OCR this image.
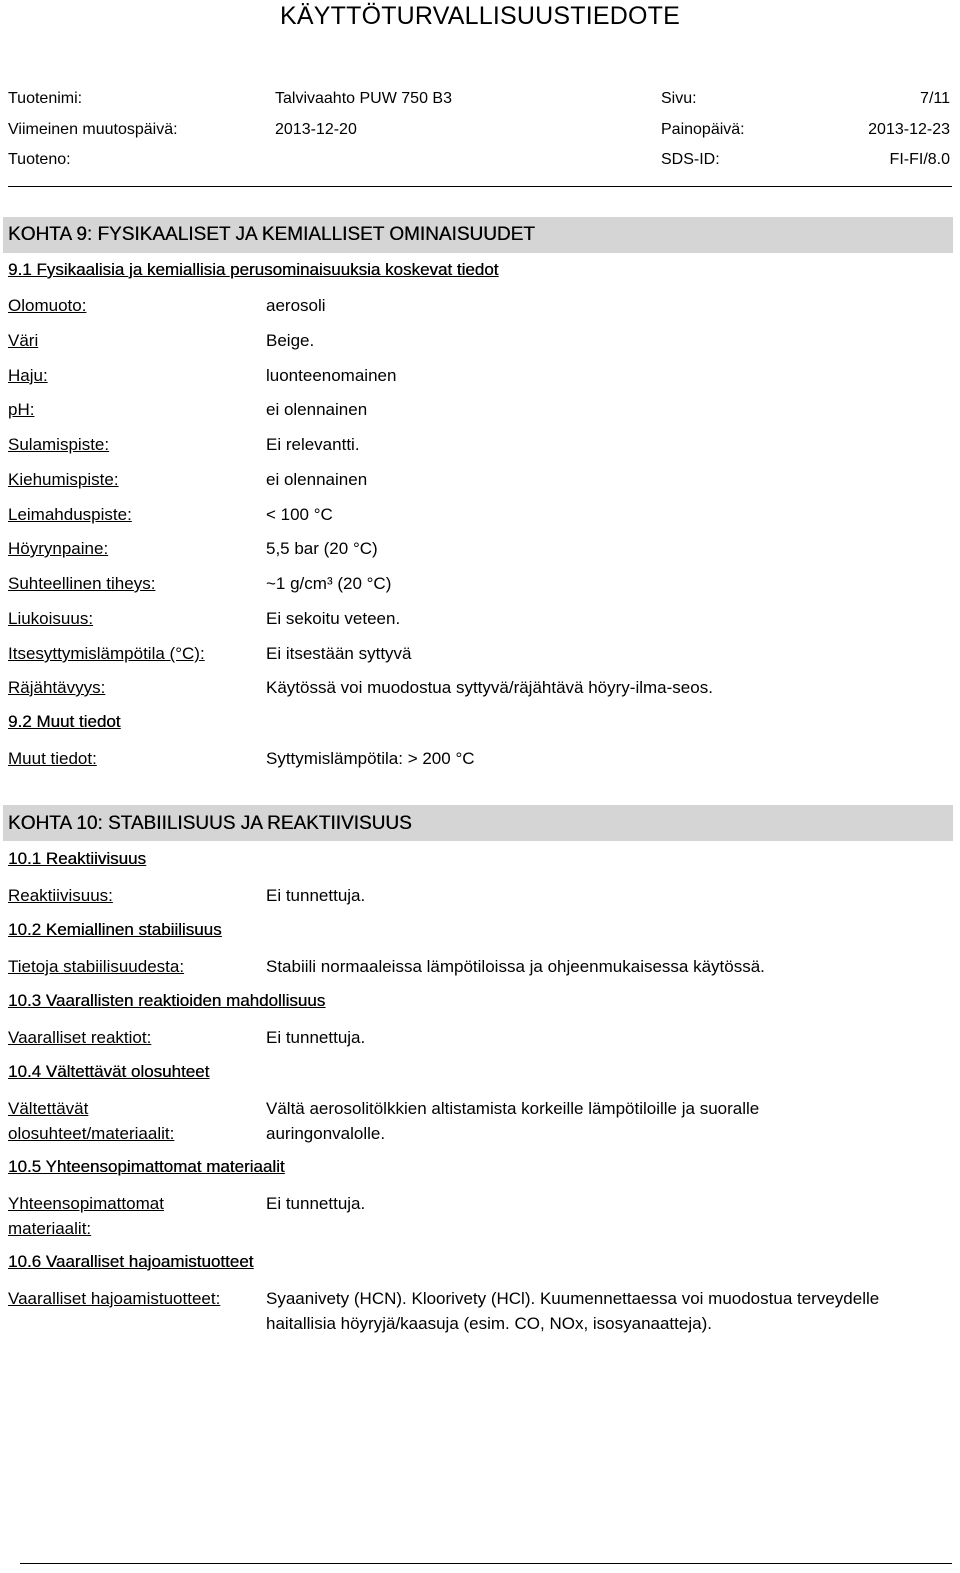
KÄYTTÖTURVALLISUUSTIEDOTE
Tuotenimi:	Talvivaahto PUW 750 B3	Sivu:	7/11
Viimeinen muutospäivä:	2013-12-20	Painopäivä:	2013-12-23
Tuoteno:	SDS-ID:	FI-FI/8.0
KOHTA 9: FYSIKAALISET JA KEMIALLISET OMINAISUUDET
9.1 Fysikaalisia ja kemiallisia perusominaisuuksia koskevat tiedot
Olomuoto:	aerosoli
Väri	Beige.
Haju:	luonteenomainen
pH:	ei olennainen
Sulamispiste:	Ei relevantti.
Kiehumispiste:	ei olennainen
Leimahduspiste:	< 100 °C
Höyrynpaine:	5,5 bar (20 °C)
Suhteellinen tiheys:	~1 g/cm³ (20 °C)
Liukoisuus:	Ei sekoitu veteen.
Itsesyttymislämpötila (°C):	Ei itsestään syttyvä
Räjähtävyys:	Käytössä voi muodostua syttyvä/räjähtävä höyry-ilma-seos.
9.2 Muut tiedot
Muut tiedot:	Syttymislämpötila: > 200 °C
KOHTA 10: STABIILISUUS JA REAKTIIVISUUS
10.1 Reaktiivisuus
Reaktiivisuus:	Ei tunnettuja.
10.2 Kemiallinen stabiilisuus
Tietoja stabiilisuudesta:	Stabiili normaaleissa lämpötiloissa ja ohjeenmukaisessa käytössä.
10.3 Vaarallisten reaktioiden mahdollisuus
Vaaralliset reaktiot:	Ei tunnettuja.
10.4 Vältettävät olosuhteet
Vältettävät
olosuhteet/materiaalit:
Vältä aerosolitölkkien altistamista korkeille lämpötiloille ja suoralle
auringonvalolle.
10.5 Yhteensopimattomat materiaalit
Yhteensopimattomat
materiaalit:
Ei tunnettuja.
10.6 Vaaralliset hajoamistuotteet
Vaaralliset hajoamistuotteet:	Syaanivety (HCN). Kloorivety (HCl). Kuumennettaessa voi muodostua terveydelle
haitallisia höyryjä/kaasuja (esim. CO, NOx, isosyanaatteja).
